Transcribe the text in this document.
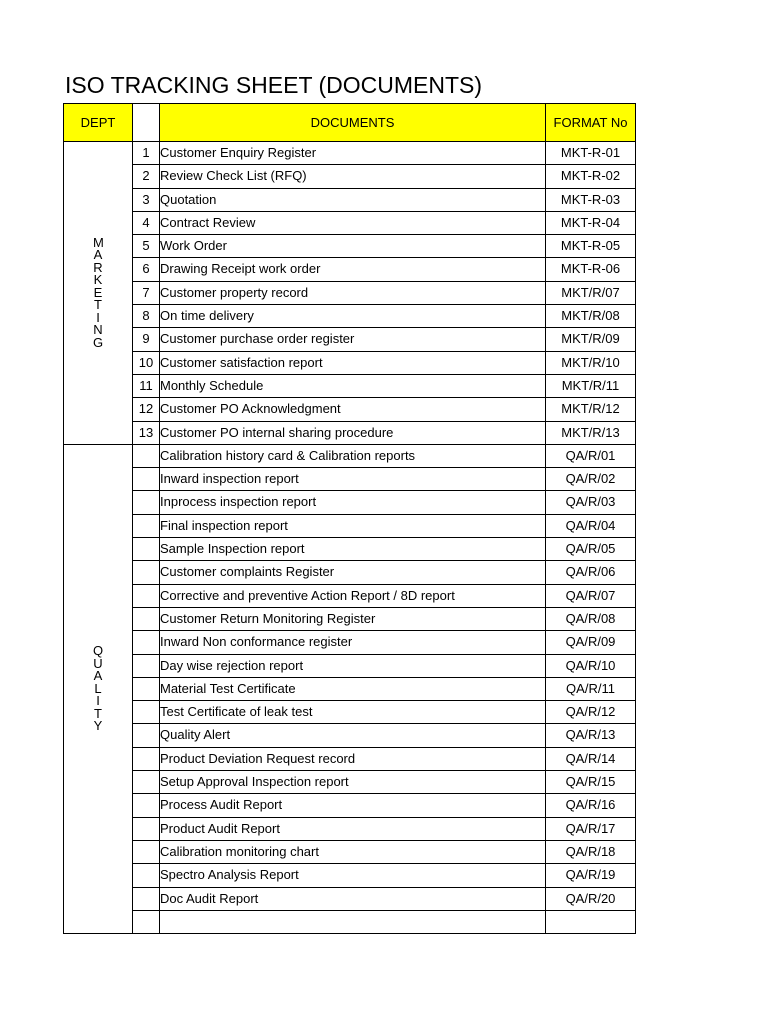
ISO TRACKING SHEET (DOCUMENTS)
DEPT		DOCUMENTS	FORMAT No
MARKETING	1	Customer Enquiry Register	MKT-R-01
	2	Review Check List (RFQ)	MKT-R-02
	3	Quotation	MKT-R-03
	4	Contract Review	MKT-R-04
	5	Work Order	MKT-R-05
	6	Drawing Receipt work order	MKT-R-06
	7	Customer property record	MKT/R/07
	8	On time delivery	MKT/R/08
	9	Customer purchase order register	MKT/R/09
	10	Customer satisfaction report	MKT/R/10
	11	Monthly Schedule	MKT/R/11
	12	Customer PO Acknowledgment	MKT/R/12
	13	Customer PO internal sharing procedure	MKT/R/13
QUALITY		Calibration history card & Calibration reports	QA/R/01
		Inward inspection report	QA/R/02
		Inprocess inspection report	QA/R/03
		Final inspection report	QA/R/04
		Sample Inspection report	QA/R/05
		Customer complaints Register	QA/R/06
		Corrective and preventive Action Report / 8D report	QA/R/07
		Customer Return Monitoring Register	QA/R/08
		Inward Non conformance register	QA/R/09
		Day wise rejection report	QA/R/10
		Material Test Certificate	QA/R/11
		Test Certificate of leak test	QA/R/12
		Quality Alert	QA/R/13
		Product Deviation Request record	QA/R/14
		Setup Approval Inspection report	QA/R/15
		Process Audit Report	QA/R/16
		Product Audit Report	QA/R/17
		Calibration monitoring chart	QA/R/18
		Spectro Analysis Report	QA/R/19
		Doc Audit Report	QA/R/20
